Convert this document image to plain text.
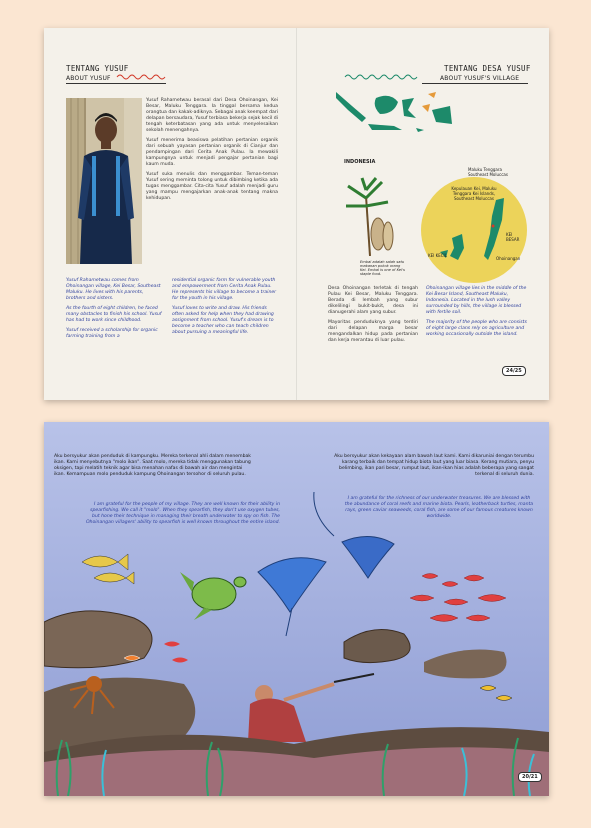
TENTANG YUSUF
ABOUT YUSUF

Yusuf Rahametwau berasal dari Desa Ohoinangan, Kei Besar, Maluku Tenggara. Ia tinggal bersama kedua orangtua dan kakak-adiknya. Sebagai anak keempat dari delapan bersaudara, Yusuf terbiasa bekerja sejak kecil di tengah keterbatasan yang ada untuk menyelesaikan sekolah menengahnya.

Yusuf menerima beasiswa pelatihan pertanian organik dari sebuah yayasan pertanian organik di Cianjur dan pendampingan dari Cerita Anak Pulau. Ia mewakili kampungnya untuk menjadi pengajar pertanian bagi kaum muda.

Yusuf suka menulis dan menggambar. Teman-teman Yusuf sering meminta tolong untuk dibimbing ketika ada tugas menggambar. Cita-cita Yusuf adalah menjadi guru yang mampu mengajarkan anak-anak tentang makna kehidupan.

Yusuf Rahametwau comes from Ohoinangan village, Kei Besar, Southeast Maluku. He lives with his parents, brothers and sisters.

As the fourth of eight children, he faced many obstacles to finish his school. Yusuf has had to work since childhood.

Yusuf received a scholarship for organic farming training from a

residential organic farm for vulnerable youth and empowerment from Cerita Anak Pulau. He represents his village to become a trainer for the youth in his village.

Yusuf loves to write and draw. His friends often asked for help when they had drawing assignment from school. Yusuf's dream is to become a teacher who can teach children about pursuing a meaningful life.

TENTANG DESA YUSUF
ABOUT YUSUF'S VILLAGE
INDONESIA
Maluku Tenggara Southeast Moluccas
Embal adalah salah satu makanan pokok orang Kei. Embal is one of Kei's staple food.
Kepulauan Kei, Maluku Tenggara Kei Islands, Southeast Moluccas
KEI BESAR
KEI KECIL
Ohoinangan

Desa Ohoinangan terletak di tengah Pulau Kei Besar, Maluku Tenggara. Berada di lembah yang subur dikelilingi bukit-bukit, desa ini dianugerahi alam yang subur.

Mayoritas penduduknya yang terdiri dari delapan marga besar mengandalkan hidup pada pertanian dan kerja merantau di luar pulau.

Ohoinangan village lies in the middle of the Kei Besar Island, Southeast Maluku, Indonesia. Located in the lush valley surrounded by hills, the village is blessed with fertile soil.

The majority of the people who are consists of eight large clans rely on agriculture and working occasionally outside the island.

24/25
Aku bersyukur akan penduduk di kampungku. Mereka terkenal ahli dalam menembak ikan. Kami menyebutnya "molo ikan". Saat molo, mereka tidak menggunakan tabung oksigen, tapi melatih teknik agar bisa menahan nafas di bawah air dan mengintai ikan. Kemampuan molo penduduk kampung Ohoinangan tersohor di seluruh pulau.
I am grateful for the people of my village. They are well known for their ability in spearfishing. We call it "molo". When they spearfish, they don't use oxygen tubes, but hone their technique in managing their breath underwater to spy on fish. The Ohoinangan villagers' ability to spearfish is well known throughout the entire island.
Aku bersyukur akan kekayaan alam bawah laut kami. Kami dikaruniai dengan terumbu karang terbaik dan tempat hidup biota laut yang luar biasa. Kerang mutiara, penyu belimbing, ikan pari besar, rumput laut, ikan-ikan hias adalah beberapa yang sangat terkenal di seluruh dunia.
I am grateful for the richness of our underwater treasures. We are blessed with the abundance of coral reefs and marine biota. Pearls, leatherback turtles, manta rays, green caviar seaweeds, coral fish, are some of our famous creatures known worldwide.
20/21
